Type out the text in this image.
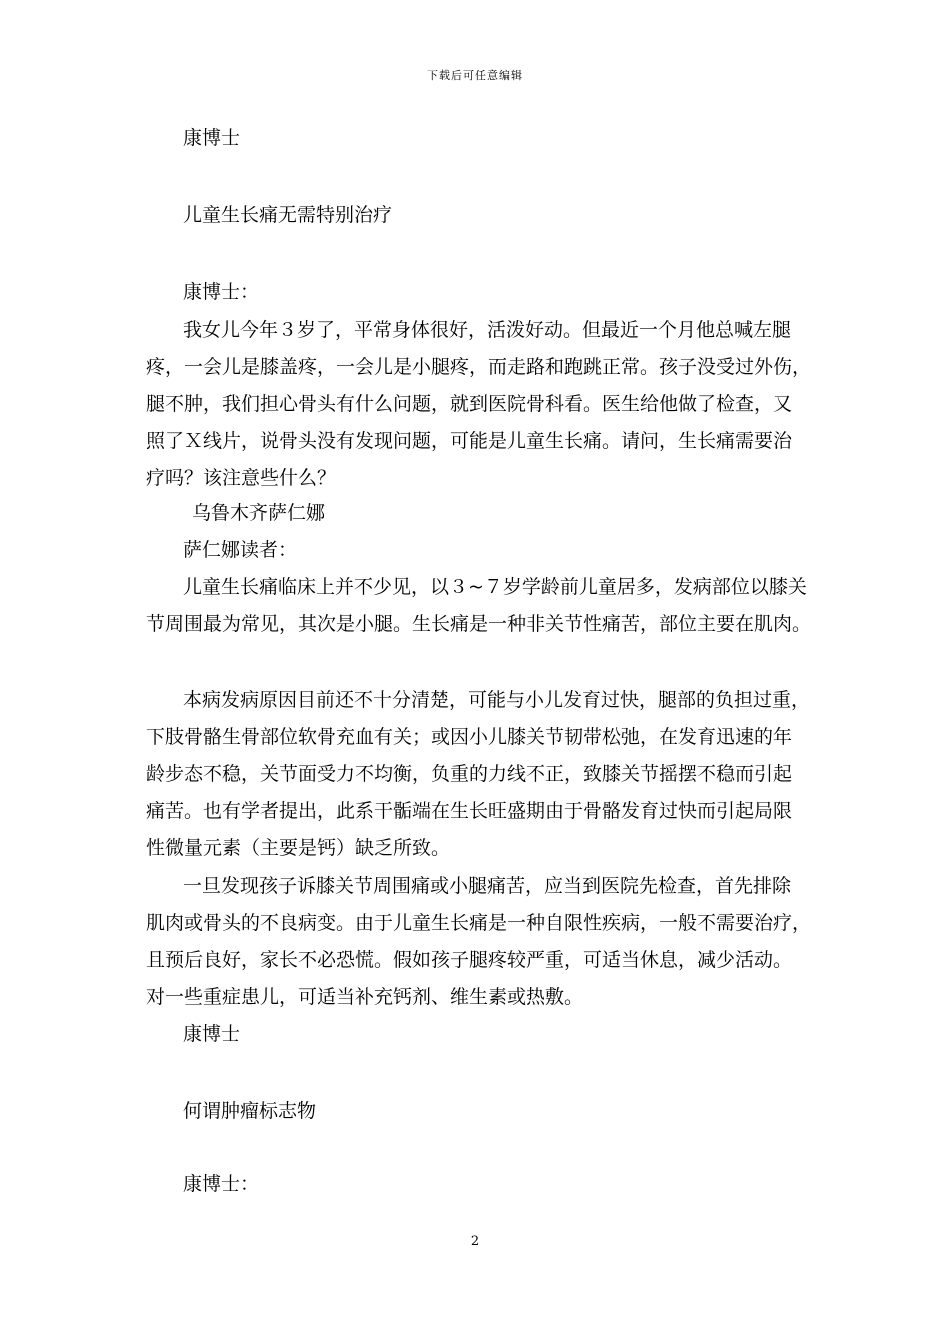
下载后可任意编辑
康博士
儿童生长痛无需特别治疗
康博士：
我女儿今年３岁了，平常身体很好，活泼好动。但最近一个月他总喊左腿
疼，一会儿是膝盖疼，一会儿是小腿疼，而走路和跑跳正常。孩子没受过外伤，
腿不肿，我们担心骨头有什么问题，就到医院骨科看。医生给他做了检查，又
照了Ｘ线片，说骨头没有发现问题，可能是儿童生长痛。请问，生长痛需要治
疗吗？该注意些什么？
乌鲁木齐萨仁娜
萨仁娜读者：
儿童生长痛临床上并不少见，以３~７岁学龄前儿童居多，发病部位以膝关
节周围最为常见，其次是小腿。生长痛是一种非关节性痛苦，部位主要在肌肉。
本病发病原因目前还不十分清楚，可能与小儿发育过快，腿部的负担过重，
下肢骨骼生骨部位软骨充血有关；或因小儿膝关节韧带松弛，在发育迅速的年
龄步态不稳，关节面受力不均衡，负重的力线不正，致膝关节摇摆不稳而引起
痛苦。也有学者提出，此系干骺端在生长旺盛期由于骨骼发育过快而引起局限
性微量元素（主要是钙）缺乏所致。
一旦发现孩子诉膝关节周围痛或小腿痛苦，应当到医院先检查，首先排除
肌肉或骨头的不良病变。由于儿童生长痛是一种自限性疾病，一般不需要治疗，
且预后良好，家长不必恐慌。假如孩子腿疼较严重，可适当休息，减少活动。
对一些重症患儿，可适当补充钙剂、维生素或热敷。
康博士
何谓肿瘤标志物
康博士：
2
